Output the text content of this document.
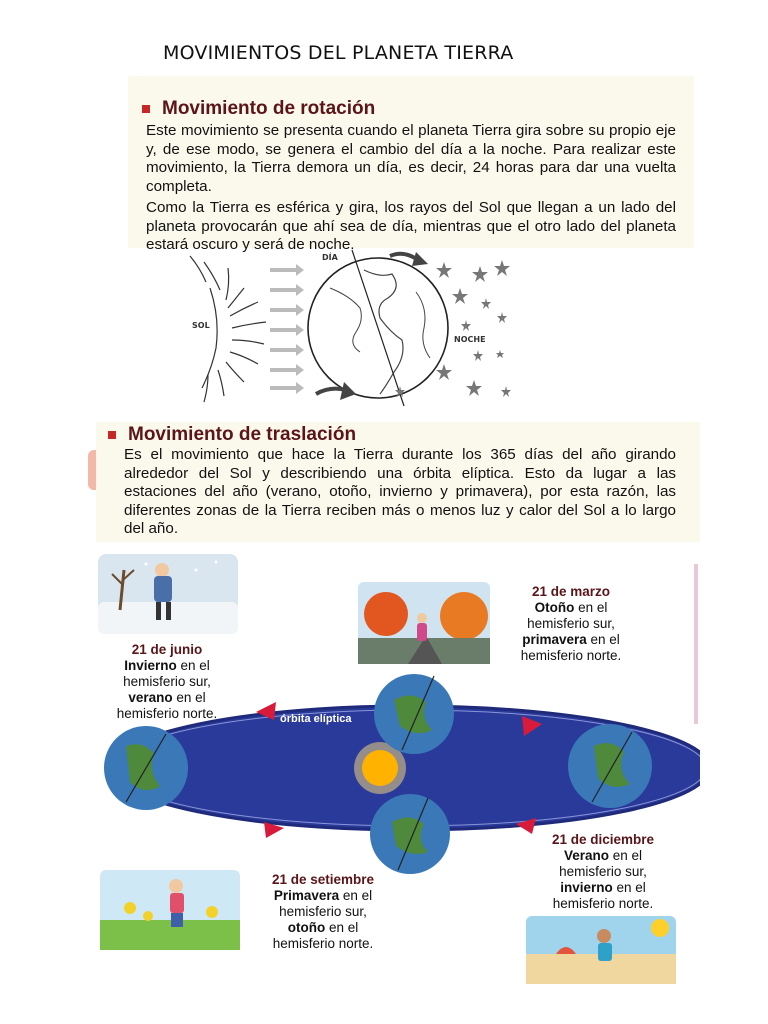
MOVIMIENTOS DEL PLANETA TIERRA
Movimiento de rotación

Este movimiento se presenta cuando el planeta Tierra gira sobre su propio eje y, de ese modo, se genera el cambio del día a la noche. Para realizar este movimiento, la Tierra demora un día, es decir, 24 horas para dar una vuelta completa.

Como la Tierra es esférica y gira, los rayos del Sol que llegan a un lado del planeta provocarán que ahí sea de día, mientras que el otro lado del planeta estará oscuro y será de noche.

SOL
DÍA
NOCHE
Movimiento de traslación

Es el movimiento que hace la Tierra durante los 365 días del año girando alrededor del Sol y describiendo una órbita elíptica. Esto da lugar a las estaciones del año (verano, otoño, invierno y primavera), por esta razón, las diferentes zonas de la Tierra reciben más o menos luz y calor del Sol a lo largo del año.

órbita elíptica
21 de junio
Invierno en el
hemisferio sur,
verano en el
hemisferio norte.
21 de marzo
Otoño en el
hemisferio sur,
primavera en el
hemisferio norte.
21 de diciembre
Verano en el
hemisferio sur,
invierno en el
hemisferio norte.
21 de setiembre
Primavera en el
hemisferio sur,
otoño en el
hemisferio norte.
